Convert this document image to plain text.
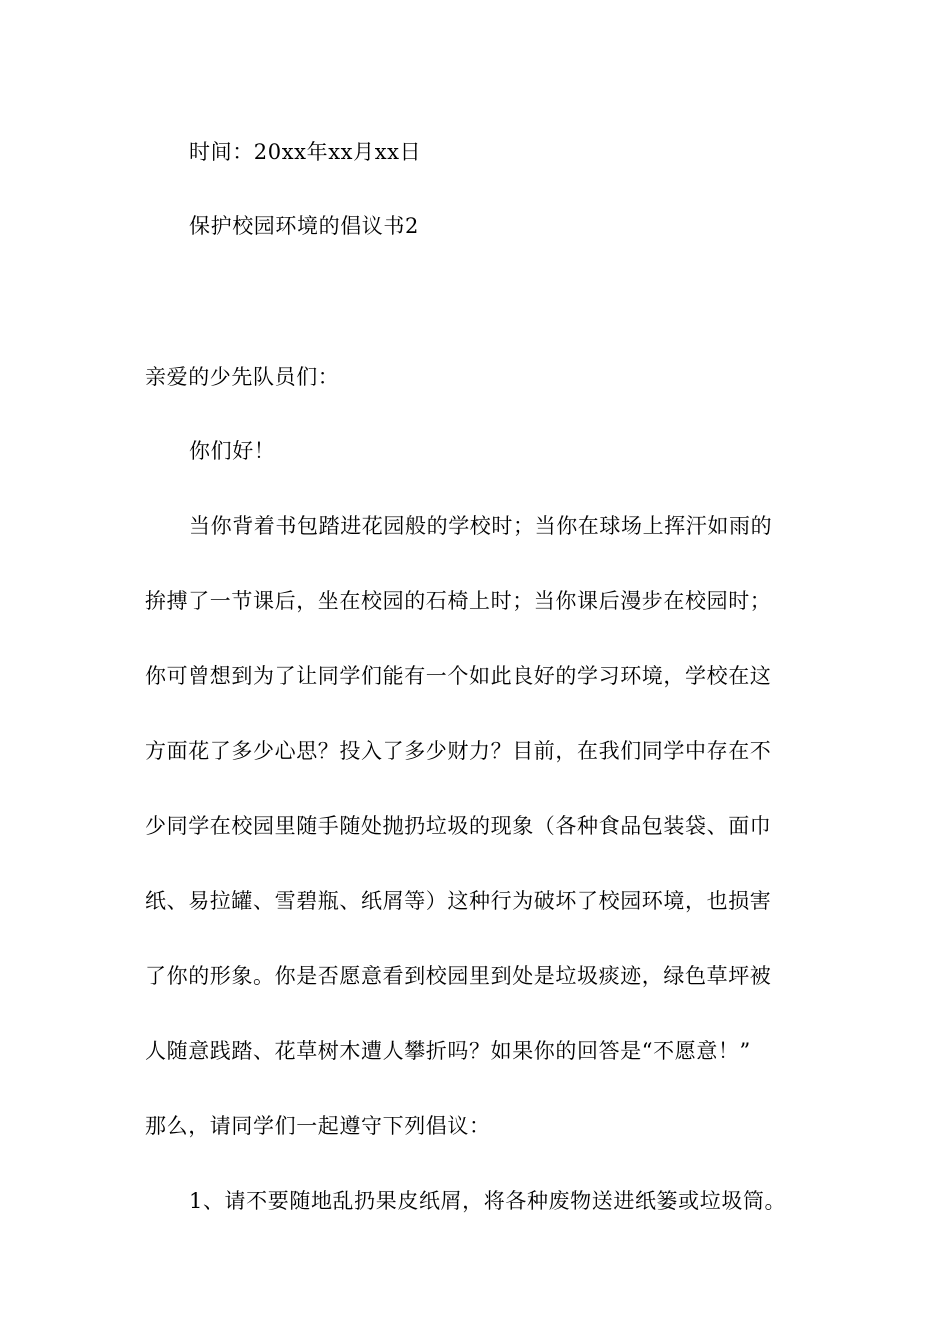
时间：20xx年xx月xx日
保护校园环境的倡议书2
亲爱的少先队员们：
你们好！
当你背着书包踏进花园般的学校时；当你在球场上挥汗如雨的
拚搏了一节课后，坐在校园的石椅上时；当你课后漫步在校园时；
你可曾想到为了让同学们能有一个如此良好的学习环境，学校在这
方面花了多少心思？投入了多少财力？目前，在我们同学中存在不
少同学在校园里随手随处抛扔垃圾的现象（各种食品包装袋、面巾
纸、易拉罐、雪碧瓶、纸屑等）这种行为破坏了校园环境，也损害
了你的形象。你是否愿意看到校园里到处是垃圾痰迹，绿色草坪被
人随意践踏、花草树木遭人攀折吗？如果你的回答是“不愿意！”
那么，请同学们一起遵守下列倡议：
1、请不要随地乱扔果皮纸屑，将各种废物送进纸篓或垃圾筒。
